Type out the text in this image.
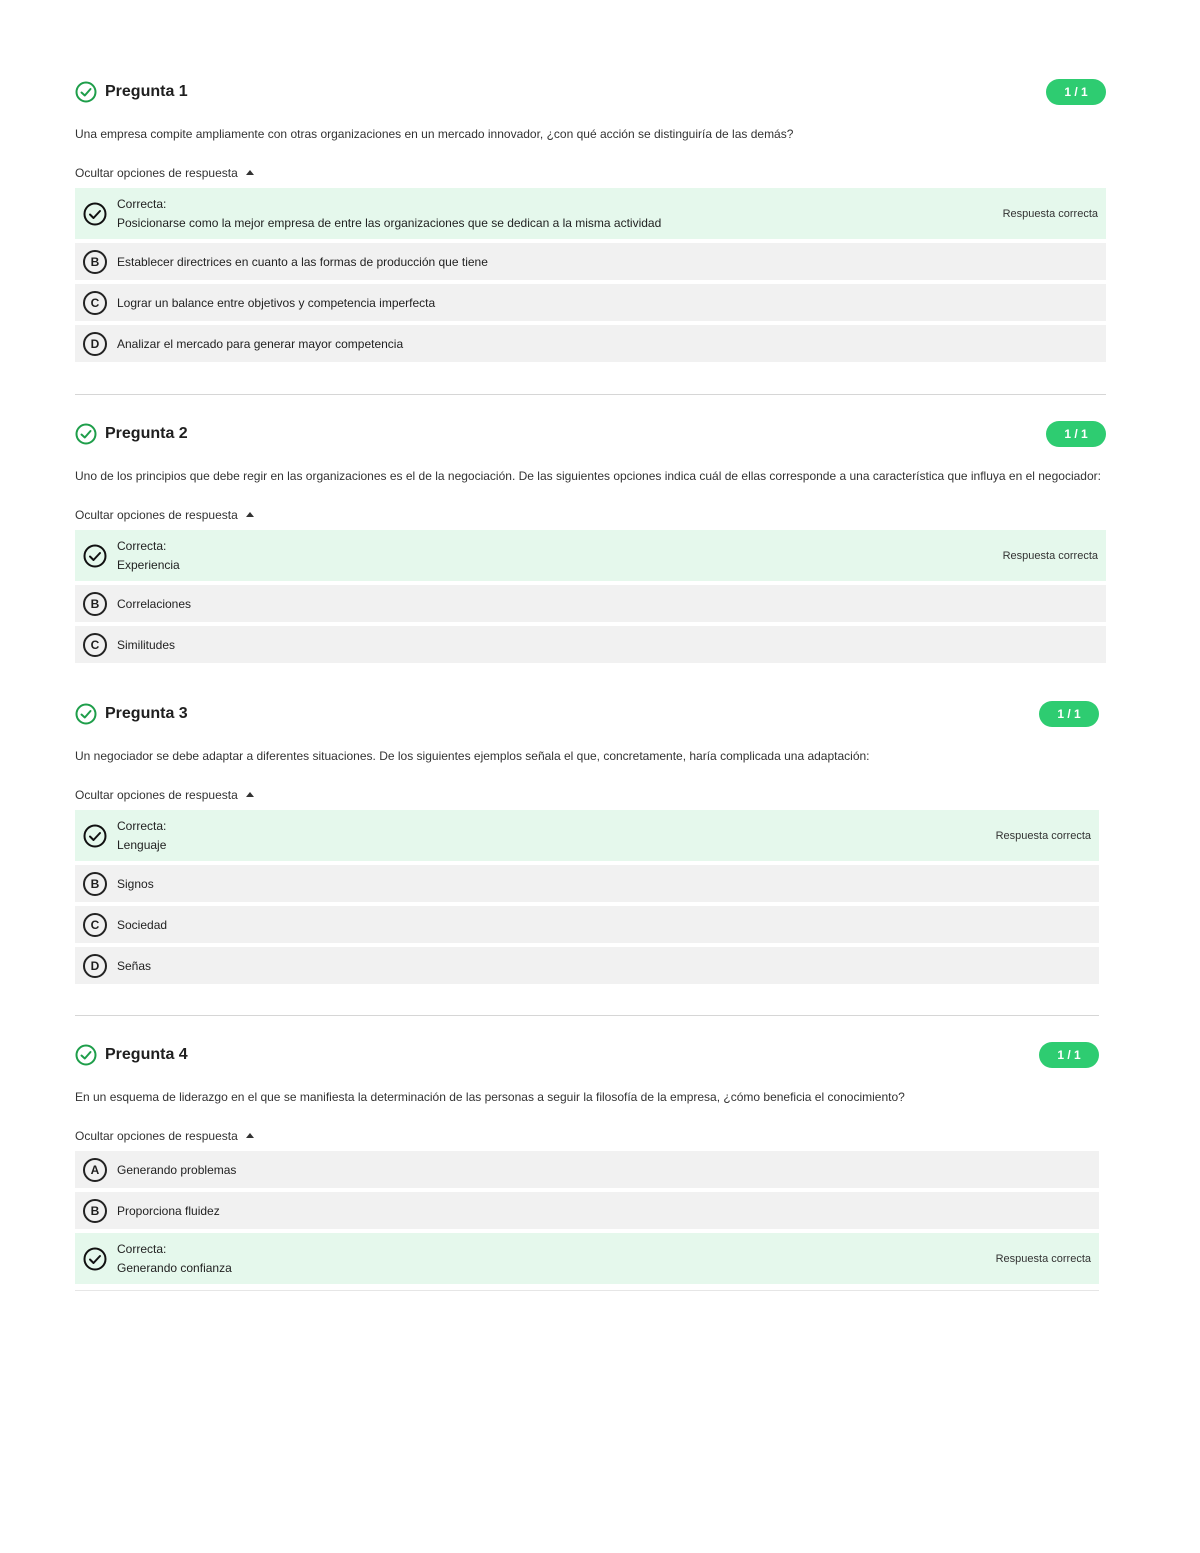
Pregunta 1	1 / 1
Una empresa compite ampliamente con otras organizaciones en un mercado innovador, ¿con qué acción se distinguiría de las demás?
Ocultar opciones de respuesta
Correcta:
Posicionarse como la mejor empresa de entre las organizaciones que se dedican a la misma actividad
Respuesta correcta
B	Establecer directrices en cuanto a las formas de producción que tiene
C	Lograr un balance entre objetivos y competencia imperfecta
D	Analizar el mercado para generar mayor competencia
Pregunta 2	1 / 1
Uno de los principios que debe regir en las organizaciones es el de la negociación. De las siguientes opciones indica cuál de ellas corresponde a una característica que influya en el negociador:
Ocultar opciones de respuesta
Correcta:
Experiencia
Respuesta correcta
B	Correlaciones
C	Similitudes
Pregunta 3	1 / 1
Un negociador se debe adaptar a diferentes situaciones. De los siguientes ejemplos señala el que, concretamente, haría complicada una adaptación:
Ocultar opciones de respuesta
Correcta:
Lenguaje
Respuesta correcta
B	Signos
C	Sociedad
D	Señas
Pregunta 4	1 / 1
En un esquema de liderazgo en el que se manifiesta la determinación de las personas a seguir la filosofía de la empresa, ¿cómo beneficia el conocimiento?
Ocultar opciones de respuesta
A	Generando problemas
B	Proporciona fluidez
Correcta:
Generando confianza
Respuesta correcta
